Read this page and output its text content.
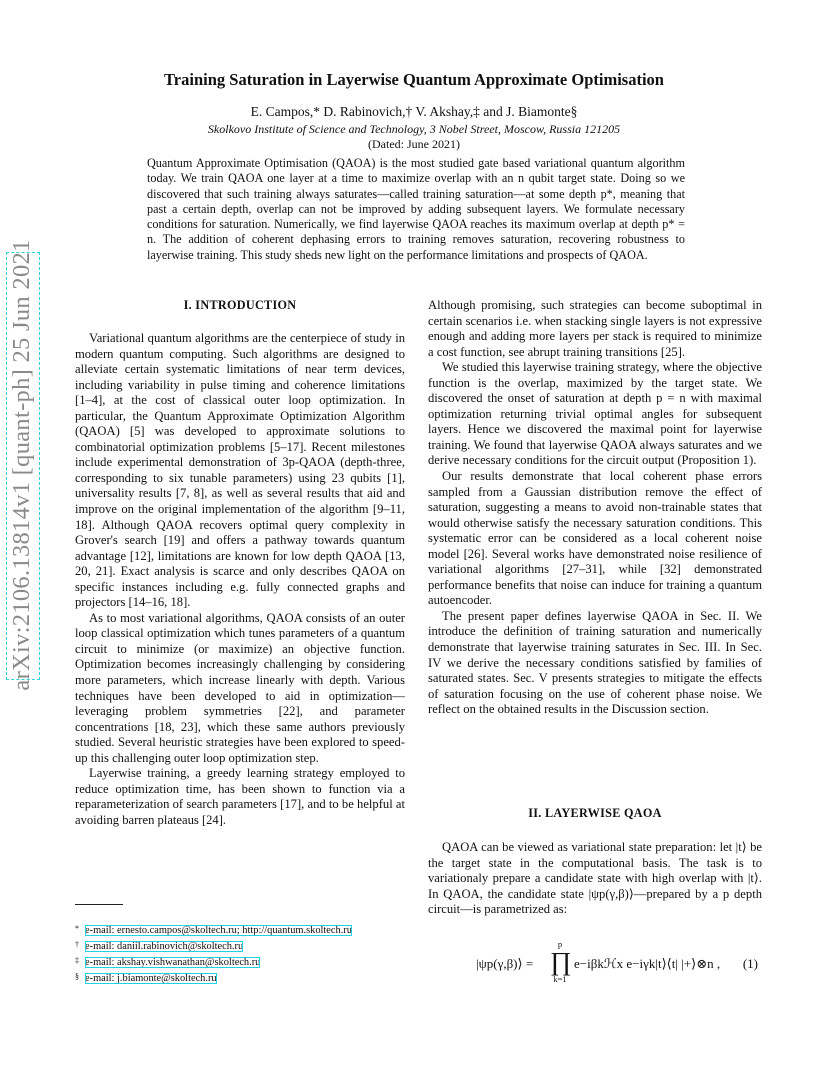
arXiv:2106.13814v1 [quant-ph] 25 Jun 2021
Training Saturation in Layerwise Quantum Approximate Optimisation
E. Campos,* D. Rabinovich,† V. Akshay,‡ and J. Biamonte§
Skolkovo Institute of Science and Technology, 3 Nobel Street, Moscow, Russia 121205
(Dated: June 2021)
Quantum Approximate Optimisation (QAOA) is the most studied gate based variational quantum algorithm today. We train QAOA one layer at a time to maximize overlap with an n qubit target state. Doing so we discovered that such training always saturates—called training saturation—at some depth p*, meaning that past a certain depth, overlap can not be improved by adding subsequent layers. We formulate necessary conditions for saturation. Numerically, we find layerwise QAOA reaches its maximum overlap at depth p* = n. The addition of coherent dephasing errors to training removes saturation, recovering robustness to layerwise training. This study sheds new light on the performance limitations and prospects of QAOA.
I. INTRODUCTION

Variational quantum algorithms are the centerpiece of study in modern quantum computing. Such algorithms are designed to alleviate certain systematic limitations of near term devices, including variability in pulse timing and coherence limitations [1–4], at the cost of classical outer loop optimization. In particular, the Quantum Approximate Optimization Algorithm (QAOA) [5] was developed to approximate solutions to combinatorial optimization problems [5–17]. Recent milestones include experimental demonstration of 3p-QAOA (depth-three, corresponding to six tunable parameters) using 23 qubits [1], universality results [7, 8], as well as several results that aid and improve on the original implementation of the algorithm [9–11, 18]. Although QAOA recovers optimal query complexity in Grover's search [19] and offers a pathway towards quantum advantage [12], limitations are known for low depth QAOA [13, 20, 21]. Exact analysis is scarce and only describes QAOA on specific instances including e.g. fully connected graphs and projectors [14–16, 18].

As to most variational algorithms, QAOA consists of an outer loop classical optimization which tunes parameters of a quantum circuit to minimize (or maximize) an objective function. Optimization becomes increasingly challenging by considering more parameters, which increase linearly with depth. Various techniques have been developed to aid in optimization—leveraging problem symmetries [22], and parameter concentrations [18, 23], which these same authors previously studied. Several heuristic strategies have been explored to speed-up this challenging outer loop optimization step.

Layerwise training, a greedy learning strategy employed to reduce optimization time, has been shown to function via a reparameterization of search parameters [17], and to be helpful at avoiding barren plateaus [24].

Although promising, such strategies can become suboptimal in certain scenarios i.e. when stacking single layers is not expressive enough and adding more layers per stack is required to minimize a cost function, see abrupt training transitions [25].

We studied this layerwise training strategy, where the objective function is the overlap, maximized by the target state. We discovered the onset of saturation at depth p = n with maximal optimization returning trivial optimal angles for subsequent layers. Hence we discovered the maximal point for layerwise training. We found that layerwise QAOA always saturates and we derive necessary conditions for the circuit output (Proposition 1).

Our results demonstrate that local coherent phase errors sampled from a Gaussian distribution remove the effect of saturation, suggesting a means to avoid non-trainable states that would otherwise satisfy the necessary saturation conditions. This systematic error can be considered as a local coherent noise model [26]. Several works have demonstrated noise resilience of variational algorithms [27–31], while [32] demonstrated performance benefits that noise can induce for training a quantum autoencoder.

The present paper defines layerwise QAOA in Sec. II. We introduce the definition of training saturation and numerically demonstrate that layerwise training saturates in Sec. III. In Sec. IV we derive the necessary conditions satisfied by families of saturated states. Sec. V presents strategies to mitigate the effects of saturation focusing on the use of coherent phase noise. We reflect on the obtained results in the Discussion section.

II. LAYERWISE QAOA

QAOA can be viewed as variational state preparation: let |t⟩ be the target state in the computational basis. The task is to variationaly prepare a candidate state with high overlap with |t⟩. In QAOA, the candidate state |ψp(γ,β)⟩—prepared by a p depth circuit—is parametrized as:

|ψp(γ,β)⟩ =
p
∏
k=1
e−iβkℋx e−iγk|t⟩⟨t| |+⟩⊗n , (1)
* e-mail: ernesto.campos@skoltech.ru; http://quantum.skoltech.ru
† e-mail: daniil.rabinovich@skoltech.ru
‡ e-mail: akshay.vishwanathan@skoltech.ru
§ e-mail: j.biamonte@skoltech.ru
